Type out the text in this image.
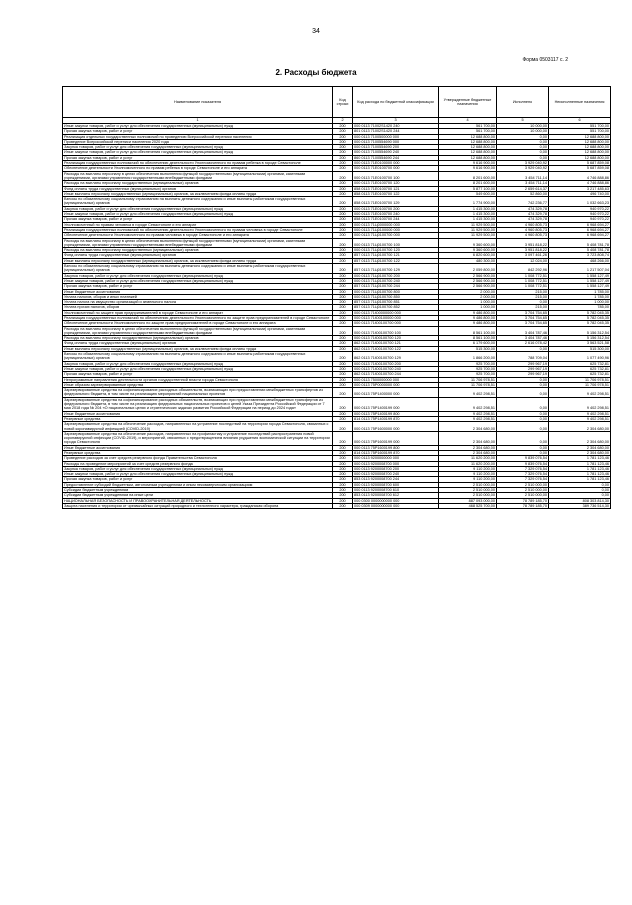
34
Форма 0503117 с. 2
2. Расходы бюджета
Наименование показателя	Код строки	Код расхода по бюджетной классификации	Утвержденные бюджетные назначения	Исполнено	Неисполненные назначения
1	2	3	4	5	6
Иные закупки товаров, работ и услуг для обеспечения государственных (муниципальных) нужд	200	000 0113 71002S1420 240	561 700,00	10 000,00	551 700,00
Прочая закупка товаров, работ и услуг	200	801 0113 71002S1420 244	561 700,00	10 000,00	551 700,00
Реализация отдельных государственных полномочий по проведению Всероссийской переписи населения	200	000 0113 7100500000 000	12 688 800,00	0,00	12 688 800,00
Проведение Всероссийской переписи населения 2020 года	200	000 0113 7100554690 000	12 688 800,00	0,00	12 688 800,00
Закупка товаров, работ и услуг для обеспечения государственных (муниципальных) нужд	200	000 0113 7100554690 200	12 688 800,00	0,00	12 688 800,00
Иные закупки товаров, работ и услуг для обеспечения государственных (муниципальных) нужд	200	000 0113 7100554690 240	12 688 800,00	0,00	12 688 800,00
Прочая закупка товаров, работ и услуг	200	860 0113 7100554690 244	12 688 800,00	0,00	12 688 800,00
Реализация государственных полномочий по обеспечению деятельности Уполномоченного по правам ребенка в городе Севастополе	200	000 0113 71E0100000 000	9 616 900,00	3 929 040,92	5 687 859,08
Обеспечение деятельности Уполномоченного по правам ребенка в городе Севастополе и его аппарата	200	000 0113 71E0100700 000	9 616 900,00	3 929 040,92	5 687 859,08
Расходы на выплаты персоналу в целях обеспечения выполнения функций государственными (муниципальными) органами, казенными учреждениями, органами управления государственными внебюджетными фондами	200	000 0113 71E0100700 100	8 201 600,00	3 454 711,14	4 746 888,86
Расходы на выплаты персоналу государственных (муниципальных) органов	200	000 0113 71E0100700 120	8 201 600,00	3 454 711,14	4 746 888,86
Фонд оплаты труда государственных (муниципальных) органов	200	858 0113 71E0100700 121	5 877 100,00	2 659 614,37	3 217 485,63
Иные выплаты персоналу государственных (муниципальных) органов, за исключением фонда оплаты труда	200	858 0113 71E0100700 122	549 600,00	52 860,00	496 740,00
Взносы по обязательному социальному страхованию на выплаты денежного содержания и иные выплаты работникам государственных (муниципальных) органов	200	858 0113 71E0100700 129	1 774 900,00	742 236,77	1 032 663,23
Закупка товаров, работ и услуг для обеспечения государственных (муниципальных) нужд	200	000 0113 71E0100700 200	1 415 300,00	474 329,78	940 970,22
Иные закупки товаров, работ и услуг для обеспечения государственных (муниципальных) нужд	200	000 0113 71E0100700 240	1 415 300,00	474 329,78	940 970,22
Прочая закупка товаров, работ и услуг	200	858 0113 71E0100700 244	1 415 300,00	474 329,78	940 970,22
Уполномоченный по правам человека в городе Севастополе и его аппарат	200	000 0113 71Ц0000000 000	11 929 500,00	4 960 805,73	6 968 694,27
Реализация государственных полномочий по обеспечению деятельности Уполномоченного по правам человека в городе Севастополе	200	000 0113 71Ц0100000 000	11 929 500,00	4 960 805,73	6 968 694,27
Обеспечение деятельности Уполномоченного по правам человека в городе Севастополе и его аппарата	200	000 0113 71Ц0100700 000	11 929 500,00	4 960 805,73	6 968 694,27
Расходы на выплаты персоналу в целях обеспечения выполнения функций государственными (муниципальными) органами, казенными учреждениями, органами управления государственными внебюджетными фондами	200	000 0113 71Ц0100700 100	9 360 600,00	3 951 818,22	5 408 781,78
Расходы на выплаты персоналу государственных (муниципальных) органов	200	000 0113 71Ц0100700 120	9 360 600,00	3 951 818,22	5 408 781,78
Фонд оплаты труда государственных (муниципальных) органов	200	857 0113 71Ц0100700 121	6 820 600,00	3 097 461,26	3 723 808,74
Иные выплаты персоналу государственных (муниципальных) органов, за исключением фонда оплаты труда	200	857 0113 71Ц0100700 122	480 300,00	12 024,00	468 266,00
Взносы по обязательному социальному страхованию на выплаты денежного содержания и иные выплаты работникам государственных (муниципальных) органов	200	857 0113 71Ц0100700 129	2 059 800,00	842 292,96	1 217 507,04
Закупка товаров, работ и услуг для обеспечения государственных (муниципальных) нужд	200	000 0113 71Ц0100700 200	2 566 900,00	1 008 772,51	1 558 127,49
Иные закупки товаров, работ и услуг для обеспечения государственных (муниципальных) нужд	200	000 0113 71Ц0100700 240	2 566 900,00	1 008 772,51	1 558 127,49
Прочая закупка товаров, работ и услуг	200	857 0113 71Ц0100700 244	2 566 900,00	1 008 772,51	1 558 127,49
Иные бюджетные ассигнования	200	000 0113 71Ц0100700 800	2 000,00	215,00	1 785,00
Уплата налогов, сборов и иных платежей	200	000 0113 71Ц0100700 850	2 000,00	215,00	1 785,00
Уплата налога на имущество организаций и земельного налога	200	857 0113 71Ц0100700 851	1 000,00	0,00	1 000,00
Уплата прочих налогов, сборов	200	857 0113 71Ц0100700 852	1 000,00	215,00	785,00
Уполномоченный по защите прав предпринимателей в городе Севастополе и его аппарат	200	000 0113 71Ю0000000 000	9 486 800,00	3 704 754,65	5 782 045,35
Реализация государственных полномочий по обеспечению деятельности Уполномоченного по защите прав предпринимателей в городе Севастополе	200	000 0113 71Ю0100000 000	9 486 800,00	3 704 754,65	5 782 045,35
Обеспечение деятельности Уполномоченного по защите прав предпринимателей в городе Севастополе и его аппарата	200	000 0113 71Ю0100700 000	9 486 800,00	3 704 754,65	5 782 045,35
Расходы на выплаты персоналу в целях обеспечения выполнения функций государственными (муниципальными) органами, казенными учреждениями, органами управления государственными внебюджетными фондами	200	000 0113 71Ю0100700 100	8 561 100,00	3 404 787,46	5 156 312,54
Расходы на выплаты персоналу государственных (муниципальных) органов	200	000 0113 71Ю0100700 120	8 561 100,00	3 404 787,46	5 156 312,54
Фонд оплаты труда государственных (муниципальных) органов	200	862 0113 71Ю0100700 121	6 179 600,00	2 616 078,42	3 563 521,58
Иные выплаты персоналу государственных (муниципальных) органов, за исключением фонда оплаты труда	200	862 0113 71Ю0100700 122	515 300,00	0,00	515 300,00
Взносы по обязательному социальному страхованию на выплаты денежного содержания и иные выплаты работникам государственных (муниципальных) органов	200	862 0113 71Ю0100700 129	1 866 200,00	788 709,04	1 077 490,96
Закупка товаров, работ и услуг для обеспечения государственных (муниципальных) нужд	200	000 0113 71Ю0100700 200	925 700,00	299 967,19	625 732,81
Иные закупки товаров, работ и услуг для обеспечения государственных (муниципальных) нужд	200	000 0113 71Ю0100700 240	925 700,00	299 967,19	625 732,81
Прочая закупка товаров, работ и услуг	200	862 0113 71Ю0100700 244	925 700,00	299 967,19	625 732,81
Непрограммные направления деятельности органов государственной власти города Севастополя	200	000 0113 7500000000 000	11 706 978,51	0,00	11 706 978,51
Иные образом зарезервированные средства	200	000 0113 75Р0000000 000	11 706 978,51	0,00	11 706 978,51
Зарезервированные средства на софинансирование расходных обязательств, возникающих при предоставлении межбюджетных трансфертов из федерального бюджета, в том числе на реализацию мероприятий национальных проектов	200	000 0113 75Р1400000 000	9 402 298,51	0,00	9 402 298,51
Зарезервированные средства на софинансирование расходных обязательств, возникающих при предоставлении межбюджетных трансфертов из федерального бюджета, в том числе на реализацию федеральных национальных проектов и целей Указа Президента Российской Федерации от 7 мая 2018 года № 204 «О национальных целях и стратегических задачах развития Российской Федерации на период до 2024 года»	200	000 0113 75Р1400199 000	9 402 298,51	0,00	9 402 298,51
Иные бюджетные ассигнования	200	000 0113 75Р1400199 800	9 402 298,51	0,00	9 402 298,51
Резервные средства	200	814 0113 75Р1400199 870	9 402 298,51	0,00	9 402 298,51
Зарезервированные средства на обеспечение расходов, направленных на устранение последствий на территории города Севастополя, связанных с новой коронавирусной инфекцией (COVID-2019)	200	000 0113 75Р1600000 000	2 304 680,00	0,00	2 304 680,00
Зарезервированные средства на обеспечение расходов, направленных на профилактику и устранение последствий распространения новой коронавирусной инфекции (COVID-2019), и мероприятий, связанных с предотвращением влияния ухудшения экономической ситуации на территории города Севастополя	200	000 0113 75Р1600199 000	2 304 680,00	0,00	2 304 680,00
Иные бюджетные ассигнования	200	000 0113 75Р1600199 800	2 304 680,00	0,00	2 304 680,00
Резервные средства	200	814 0113 75Р1600199 870	2 304 680,00	0,00	2 304 680,00
Проведение расходов за счет средств резервного фонда Правительства Севастополя	200	000 0113 9200000000 000	11 620 200,00	9 839 076,54	1 781 123,46
Расходы на проведение мероприятий за счет средств резервного фонда	200	000 0113 9200008700 000	11 620 200,00	9 839 076,54	1 781 123,46
Закупка товаров, работ и услуг для обеспечения государственных (муниципальных) нужд	200	000 0113 9200008700 200	9 110 200,00	7 329 076,54	1 781 123,46
Иные закупки товаров, работ и услуг для обеспечения государственных (муниципальных) нужд	200	000 0113 9200008700 240	9 110 200,00	7 329 076,54	1 781 123,46
Прочая закупка товаров, работ и услуг	200	853 0113 9200008700 244	9 110 200,00	7 329 076,54	1 781 123,46
Предоставление субсидий бюджетным, автономным учреждениям и иным некоммерческим организациям	200	000 0113 9200008700 600	2 510 000,00	2 510 000,00	0,00
Субсидии бюджетным учреждениям	200	000 0113 9200008700 610	2 510 000,00	2 510 000,00	0,00
Субсидии бюджетным учреждениям на иные цели	200	853 0113 9200008700 612	2 510 000,00	2 510 000,00	0,00
НАЦИОНАЛЬНАЯ БЕЗОПАСНОСТЬ И ПРАВООХРАНИТЕЛЬНАЯ ДЕЯТЕЛЬНОСТЬ	200	000 0300 0000000000 000	887 093 000,00	78 789 185,70	808 303 814,30
Защита населения и территории от чрезвычайных ситуаций природного и техногенного характера, гражданская оборона	200	000 0309 0000000000 000	468 525 700,00	78 789 185,70	389 736 514,30
